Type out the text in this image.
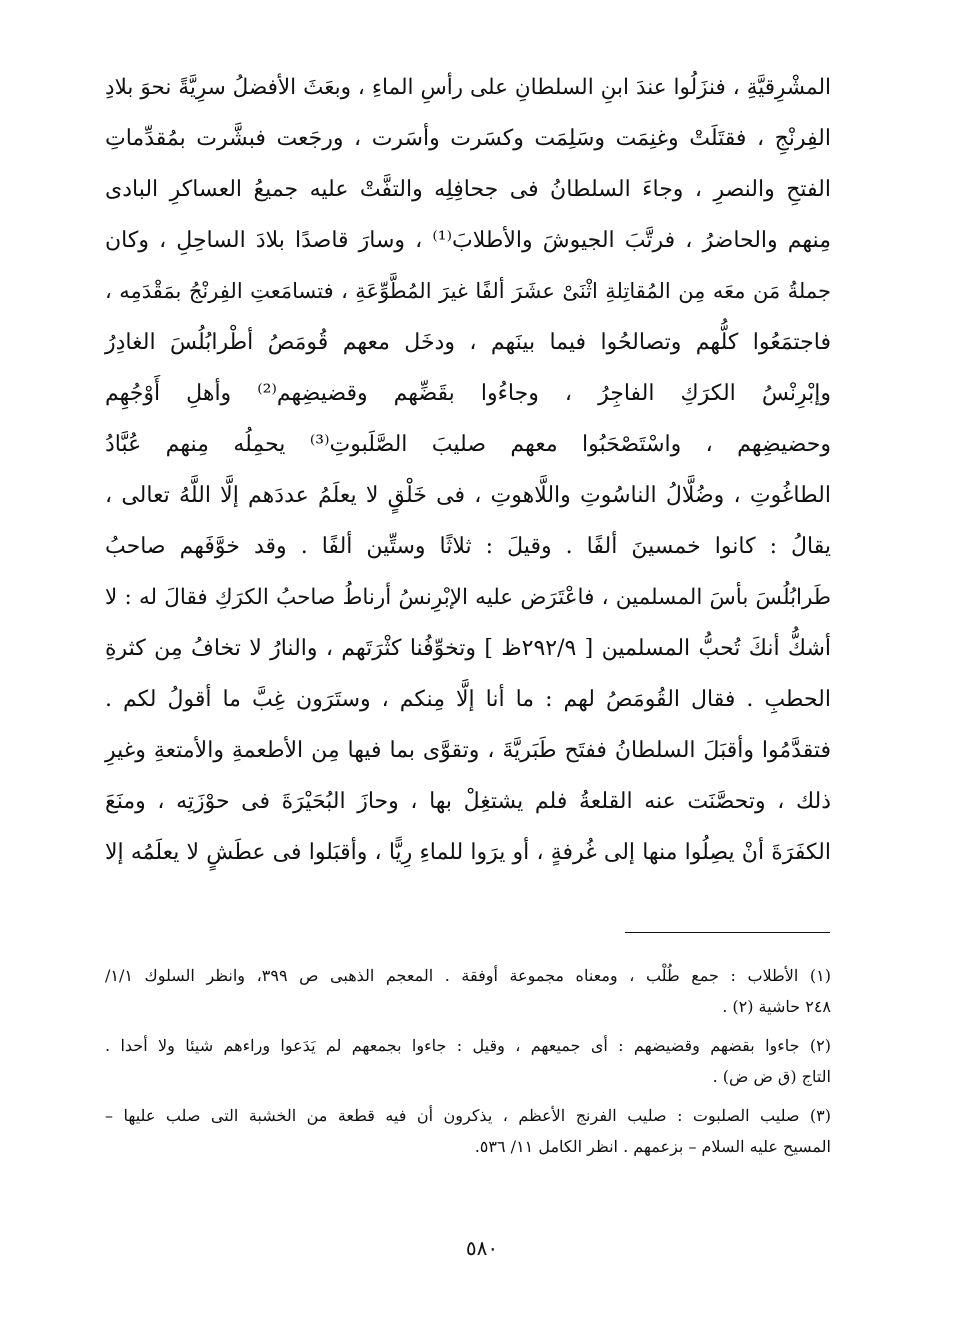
المشْرِقيَّةِ ، فنزَلُوا عندَ ابنِ السلطانِ على رأسِ الماءِ ، وبعَثَ الأفضلُ سرِيَّةً نحوَ بلادِ
الفِرنْجِ ، فقتَلَتْ وغنِمَت وسَلِمَت وكسَرت وأسَرت ، ورجَعت فبشَّرت بمُقدِّماتِ
الفتحِ والنصرِ ، وجاءَ السلطانُ فى جحافِلِه والتفَّتْ عليه جميعُ العساكرِ البادى
مِنهم والحاضرُ ، فرتَّبَ الجيوشَ والأطلابَ⁽¹⁾ ، وسارَ قاصدًا بلادَ الساحِلِ ، وكان
جملةُ مَن معَه مِن المُقاتِلةِ اثْنَىْ عشَرَ ألفًا غيرَ المُطَّوِّعَةِ ، فتسامَعتِ الفِرنْجُ بمَقْدَمِه ،
فاجتمَعُوا كلُّهم وتصالحُوا فيما بينَهم ، ودخَل معهم قُومَصُ أطْرابُلُسَ الغادِرُ
وإبْرِنْسُ الكرَكِ الفاجِرُ ، وجاءُوا بقَضِّهم وقضيضِهم⁽²⁾ وأهلِ أَوْجُهِم
وحضيضِهم ، واسْتَصْحَبُوا معهم صليبَ الصَّلَبوتِ⁽³⁾ يحمِلُه مِنهم عُبَّادُ
الطاغُوتِ ، وضُلَّالُ الناسُوتِ واللَّاهوتِ ، فى خَلْقٍ لا يعلَمُ عددَهم إلَّا اللَّهُ تعالى ،
يقالُ : كانوا خمسينَ ألفًا . وقيلَ : ثلاثًا وستِّين ألفًا . وقد خوَّفَهم صاحبُ
طَرابُلُسَ بأسَ المسلمين ، فاعْتَرَض عليه الإبْرِنسُ أرناطُ صاحبُ الكرَكِ فقالَ له : لا
أشكُّ أنكَ تُحبُّ المسلمين [ ٢٩٢/٩ظ ] وتخوِّفُنا كثْرَتَهم ، والنارُ لا تخافُ مِن كثرةِ
الحطبِ . فقال القُومَصُ لهم : ما أنا إلَّا مِنكم ، وستَرَون غِبَّ ما أقولُ لكم .
فتقدَّمُوا وأقبَلَ السلطانُ ففتَح طَبَريَّةَ ، وتقوَّى بما فيها مِن الأطعمةِ والأمتعةِ وغيرِ
ذلك ، وتحصَّنَت عنه القلعةُ فلم يشتغِلْ بها ، وحازَ البُحَيْرَةَ فى حوْزَتِه ، ومنَعَ
الكفَرَةَ أنْ يصِلُوا منها إلى غُرفةٍ ، أو يرَوا للماءِ رِيًّا ، وأقبَلوا فى عطَشٍ لا يعلَمُه إلا
(١) الأطلاب : جمع طُلْب ، ومعناه مجموعة أوفقة . المعجم الذهبى ص ٣٩٩، وانظر السلوك ١/١/
٢٤٨ حاشية (٢) .
(٢) جاءوا بقضهم وقضيضهم : أى جميعهم ، وقيل : جاءوا بجمعهم لم يَدَعوا وراءهم شيئا ولا أحدا .
التاج (ق ض ض) .
(٣) صليب الصلبوت : صليب الفرنج الأعظم ، يذكرون أن فيه قطعة من الخشبة التى صلب عليها –
المسيح عليه السلام – بزعمهم . انظر الكامل ١١/ ٥٣٦.
٥٨٠
